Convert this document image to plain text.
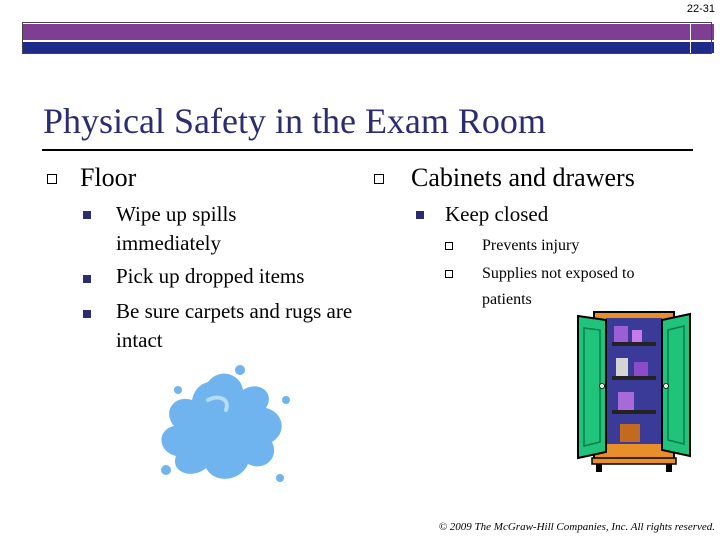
22-31
Physical Safety in the Exam Room
Floor
Wipe up spills immediately
Pick up dropped items
Be sure carpets and rugs are intact
Cabinets and drawers
Keep closed
Prevents injury
Supplies not exposed to patients
© 2009 The McGraw-Hill Companies, Inc. All rights reserved.
